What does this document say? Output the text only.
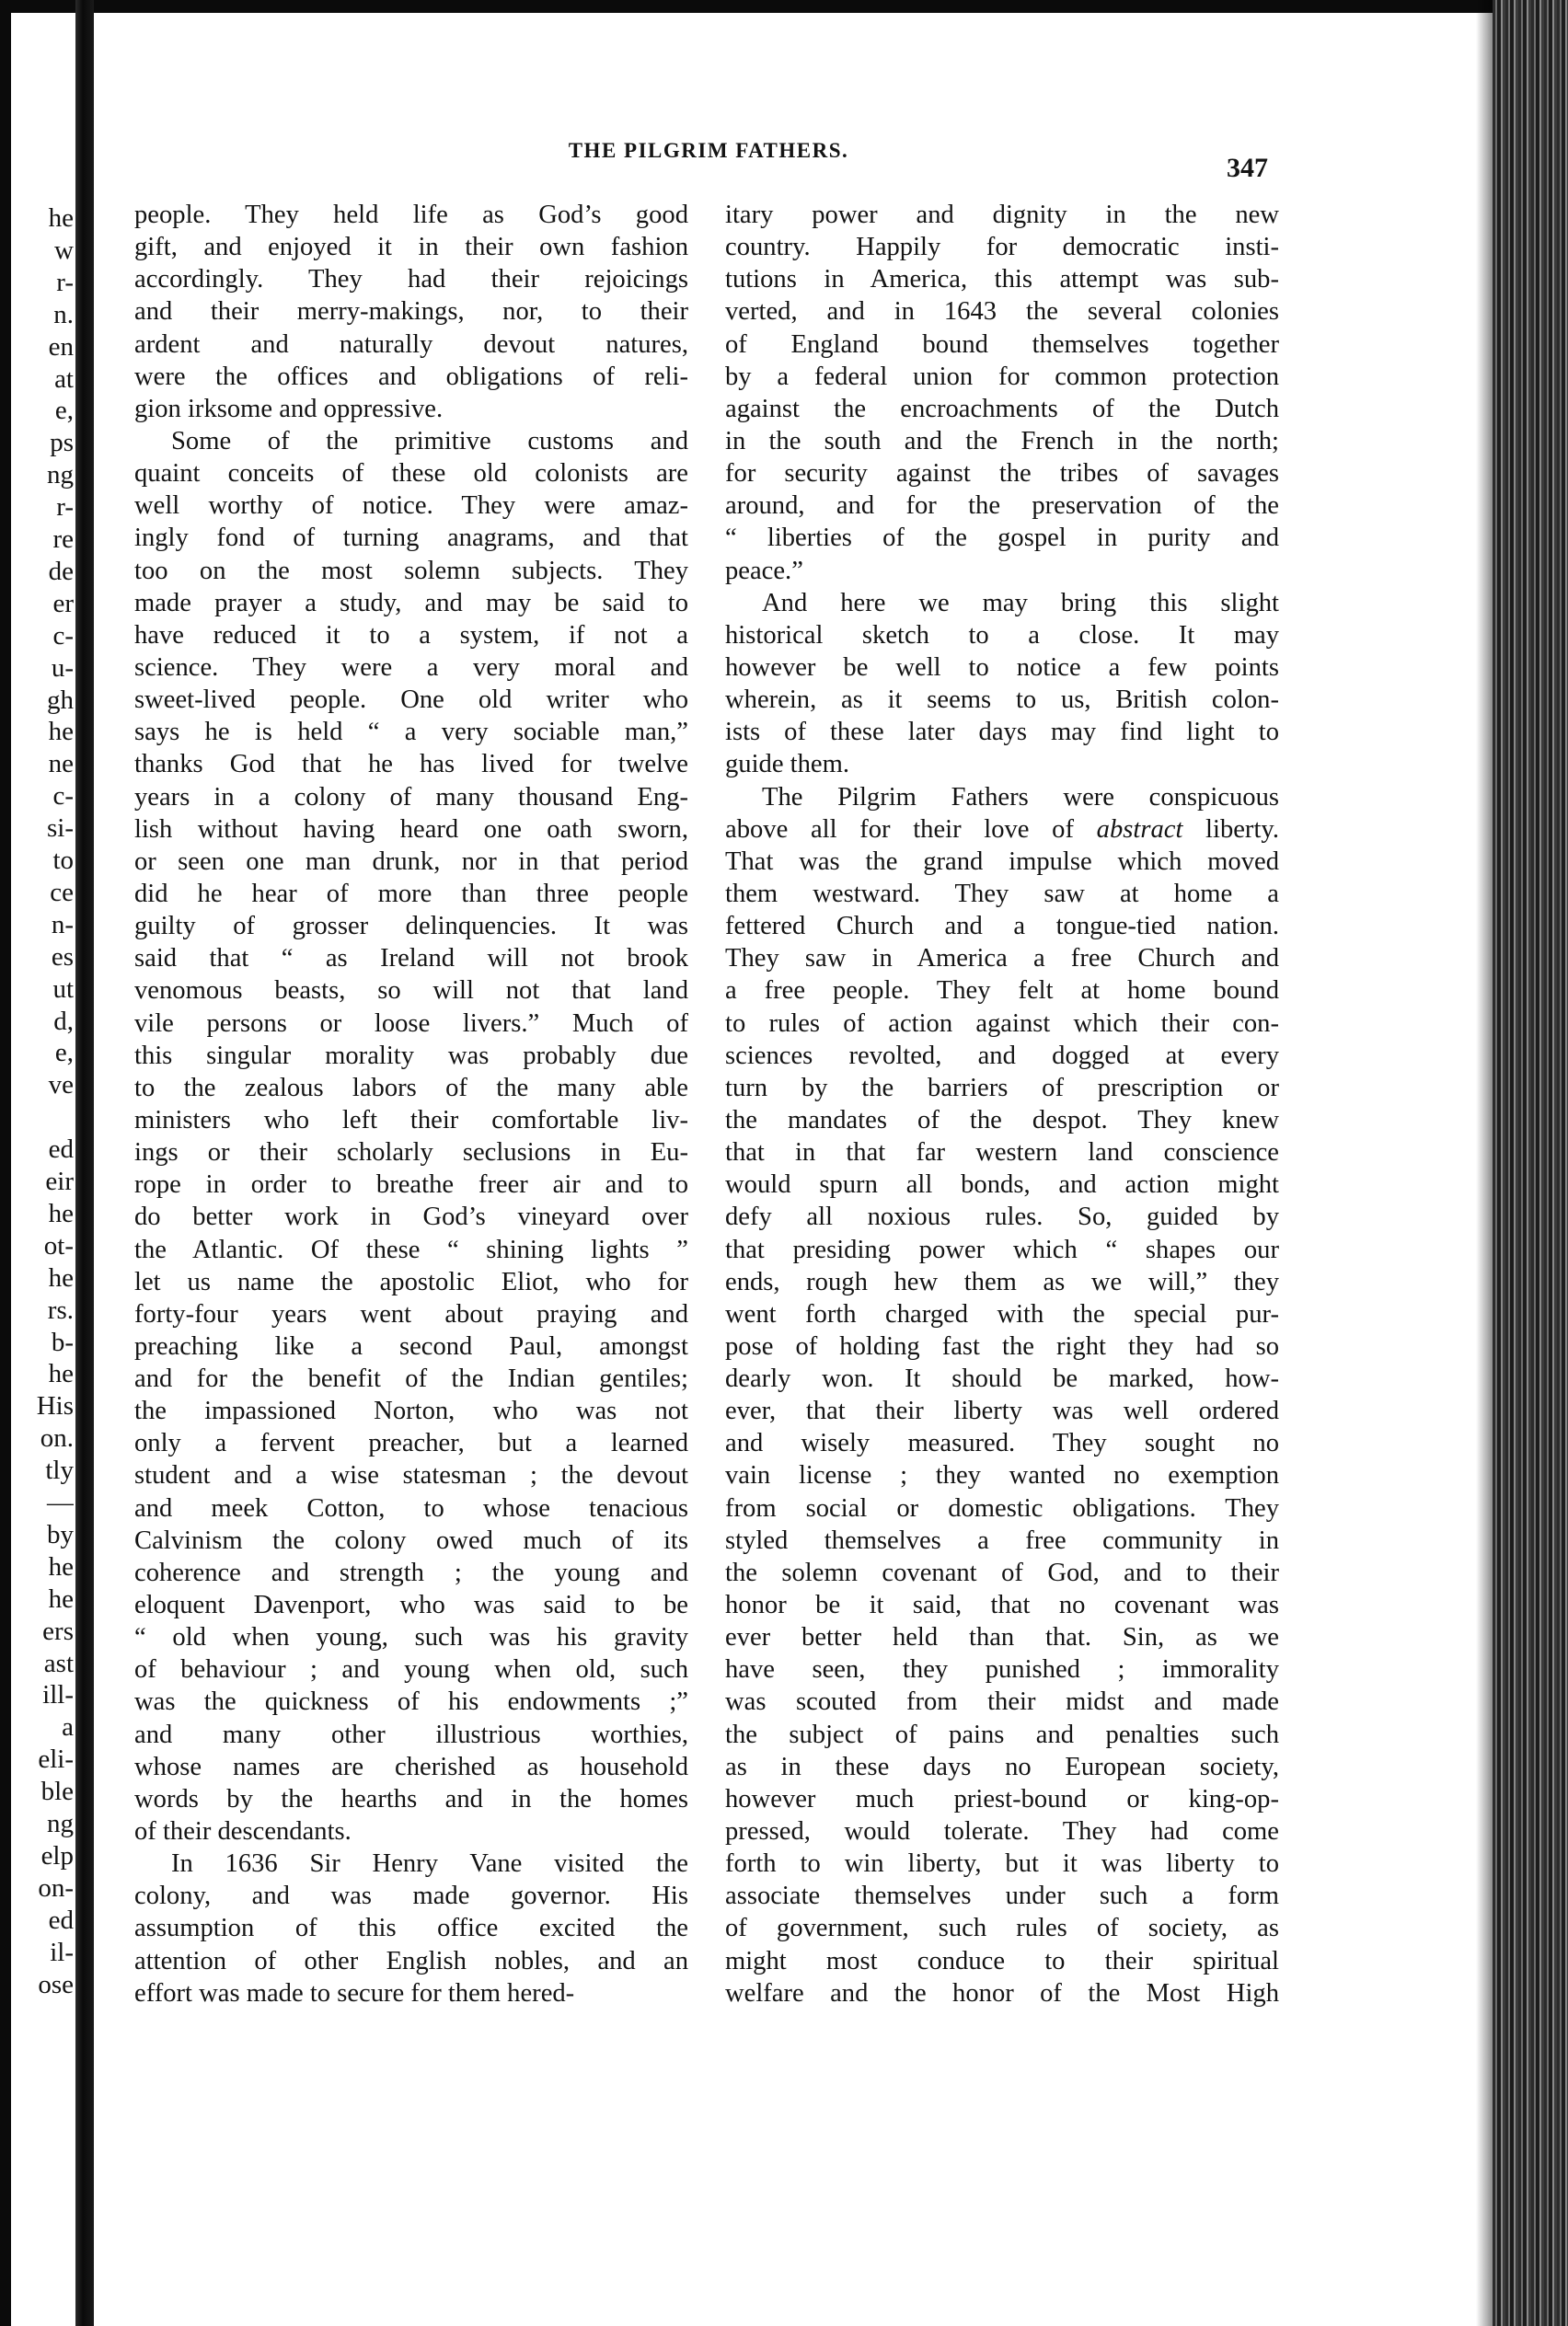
he
w
r-
n.
en
at
e,
ps
ng
r-
re
de
er
c-
u-
gh
he
ne
c-
si-
to
ce
n-
es
ut
d,
e,
ve
ed
eir
he
ot-
he
rs.
b-
he
His
on.
tly
—
by
he
he
ers
ast
ill-
a
eli-
ble
ng
elp
on-
ed
il-
ose
THE PILGRIM FATHERS.
347
people. They held life as God’s good
gift, and enjoyed it in their own fashion
accordingly. They had their rejoicings
and their merry-makings, nor, to their
ardent and naturally devout natures,
were the offices and obligations of reli-
gion irksome and oppressive.
Some of the primitive customs and
quaint conceits of these old colonists are
well worthy of notice. They were amaz-
ingly fond of turning anagrams, and that
too on the most solemn subjects. They
made prayer a study, and may be said to
have reduced it to a system, if not a
science. They were a very moral and
sweet-lived people. One old writer who
says he is held “ a very sociable man,”
thanks God that he has lived for twelve
years in a colony of many thousand Eng-
lish without having heard one oath sworn,
or seen one man drunk, nor in that period
did he hear of more than three people
guilty of grosser delinquencies. It was
said that “ as Ireland will not brook
venomous beasts, so will not that land
vile persons or loose livers.” Much of
this singular morality was probably due
to the zealous labors of the many able
ministers who left their comfortable liv-
ings or their scholarly seclusions in Eu-
rope in order to breathe freer air and to
do better work in God’s vineyard over
the Atlantic. Of these “ shining lights ”
let us name the apostolic Eliot, who for
forty-four years went about praying and
preaching like a second Paul, amongst
and for the benefit of the Indian gentiles;
the impassioned Norton, who was not
only a fervent preacher, but a learned
student and a wise statesman ; the devout
and meek Cotton, to whose tenacious
Calvinism the colony owed much of its
coherence and strength ; the young and
eloquent Davenport, who was said to be
“ old when young, such was his gravity
of behaviour ; and young when old, such
was the quickness of his endowments ;”
and many other illustrious worthies,
whose names are cherished as household
words by the hearths and in the homes
of their descendants.
In 1636 Sir Henry Vane visited the
colony, and was made governor. His
assumption of this office excited the
attention of other English nobles, and an
effort was made to secure for them hered-
itary power and dignity in the new
country. Happily for democratic insti-
tutions in America, this attempt was sub-
verted, and in 1643 the several colonies
of England bound themselves together
by a federal union for common protection
against the encroachments of the Dutch
in the south and the French in the north;
for security against the tribes of savages
around, and for the preservation of the
“ liberties of the gospel in purity and
peace.”
And here we may bring this slight
historical sketch to a close. It may
however be well to notice a few points
wherein, as it seems to us, British colon-
ists of these later days may find light to
guide them.
The Pilgrim Fathers were conspicuous
above all for their love of abstract liberty.
That was the grand impulse which moved
them westward. They saw at home a
fettered Church and a tongue-tied nation.
They saw in America a free Church and
a free people. They felt at home bound
to rules of action against which their con-
sciences revolted, and dogged at every
turn by the barriers of prescription or
the mandates of the despot. They knew
that in that far western land conscience
would spurn all bonds, and action might
defy all noxious rules. So, guided by
that presiding power which “ shapes our
ends, rough hew them as we will,” they
went forth charged with the special pur-
pose of holding fast the right they had so
dearly won. It should be marked, how-
ever, that their liberty was well ordered
and wisely measured. They sought no
vain license ; they wanted no exemption
from social or domestic obligations. They
styled themselves a free community in
the solemn covenant of God, and to their
honor be it said, that no covenant was
ever better held than that. Sin, as we
have seen, they punished ; immorality
was scouted from their midst and made
the subject of pains and penalties such
as in these days no European society,
however much priest-bound or king-op-
pressed, would tolerate. They had come
forth to win liberty, but it was liberty to
associate themselves under such a form
of government, such rules of society, as
might most conduce to their spiritual
welfare and the honor of the Most High
